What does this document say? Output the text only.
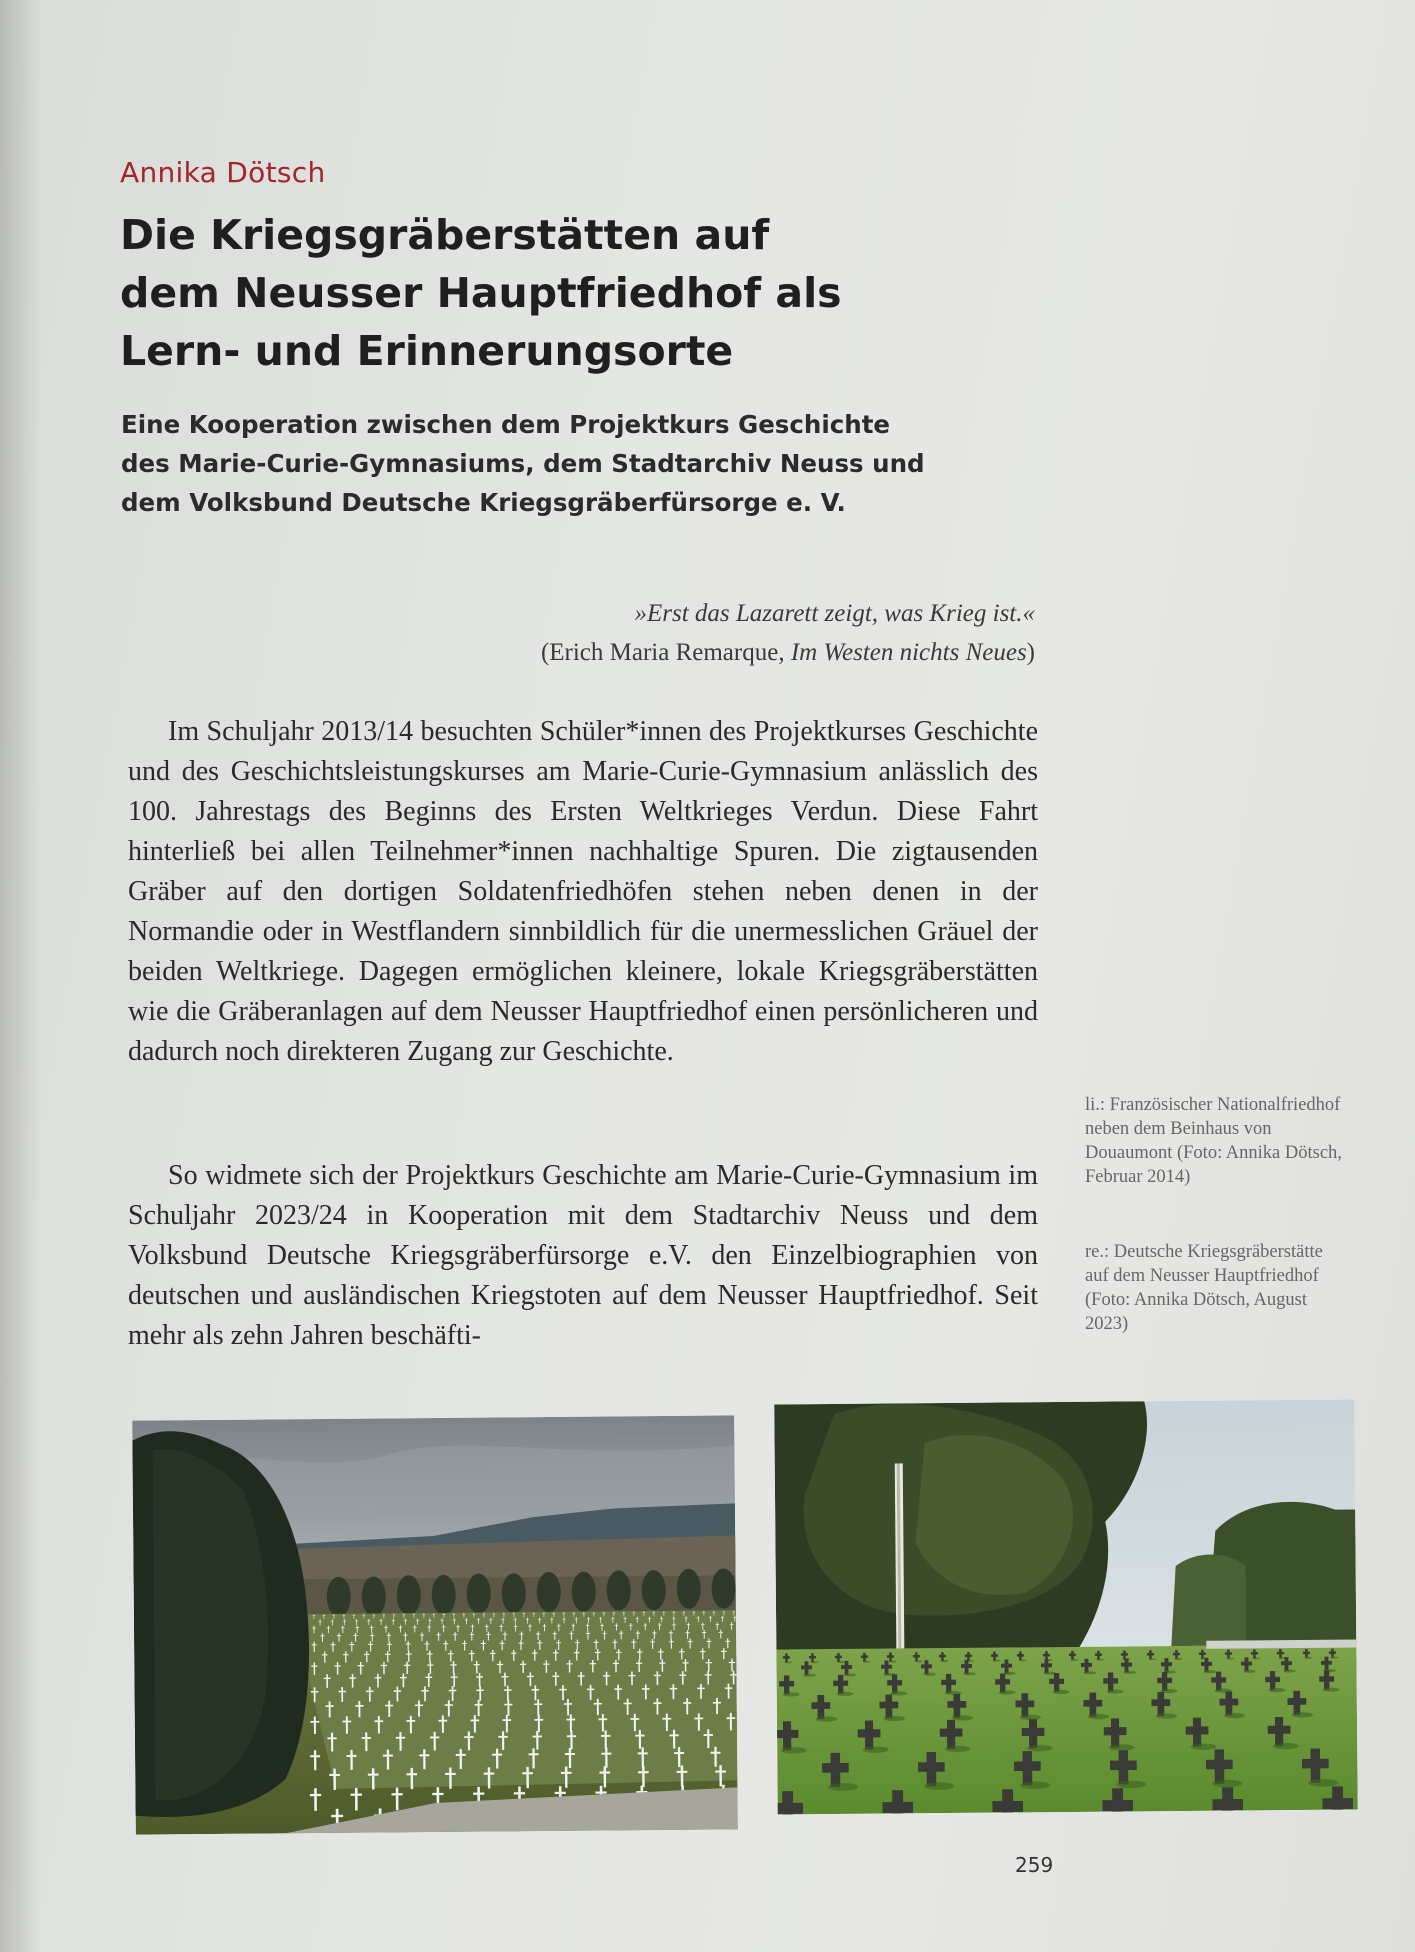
Annika Dötsch
Die Kriegsgräberstätten auf dem Neusser Hauptfriedhof als Lern- und Erinnerungsorte
Eine Kooperation zwischen dem Projektkurs Geschichte des Marie-Curie-Gymnasiums, dem Stadtarchiv Neuss und dem Volksbund Deutsche Kriegsgräberfürsorge e. V.
»Erst das Lazarett zeigt, was Krieg ist.«
(Erich Maria Remarque, Im Westen nichts Neues)

Im Schuljahr 2013/14 besuchten Schüler*innen des Projektkurses Geschichte und des Geschichtsleistungskurses am Marie-Curie-Gymnasium anlässlich des 100. Jahrestags des Beginns des Ersten Weltkrieges Verdun. Diese Fahrt hinterließ bei allen Teilnehmer*innen nachhaltige Spuren. Die zigtausenden Gräber auf den dortigen Soldatenfriedhöfen stehen neben denen in der Normandie oder in Westflandern sinnbildlich für die unermesslichen Gräuel der beiden Weltkriege. Dagegen ermöglichen kleinere, lokale Kriegsgräberstätten wie die Gräberanlagen auf dem Neusser Hauptfriedhof einen persönlicheren und dadurch noch direkteren Zugang zur Geschichte.

So widmete sich der Projektkurs Geschichte am Marie-Curie-Gymnasium im Schuljahr 2023/24 in Kooperation mit dem Stadtarchiv Neuss und dem Volksbund Deutsche Kriegsgräberfürsorge e.V. den Einzelbiographien von deutschen und ausländischen Kriegstoten auf dem Neusser Hauptfriedhof. Seit mehr als zehn Jahren beschäfti-

li.: Französischer Nationalfriedhof neben dem Beinhaus von Douaumont (Foto: Annika Dötsch, Februar 2014)
re.: Deutsche Kriegsgräberstätte auf dem Neusser Hauptfriedhof (Foto: Annika Dötsch, August 2023)
259
